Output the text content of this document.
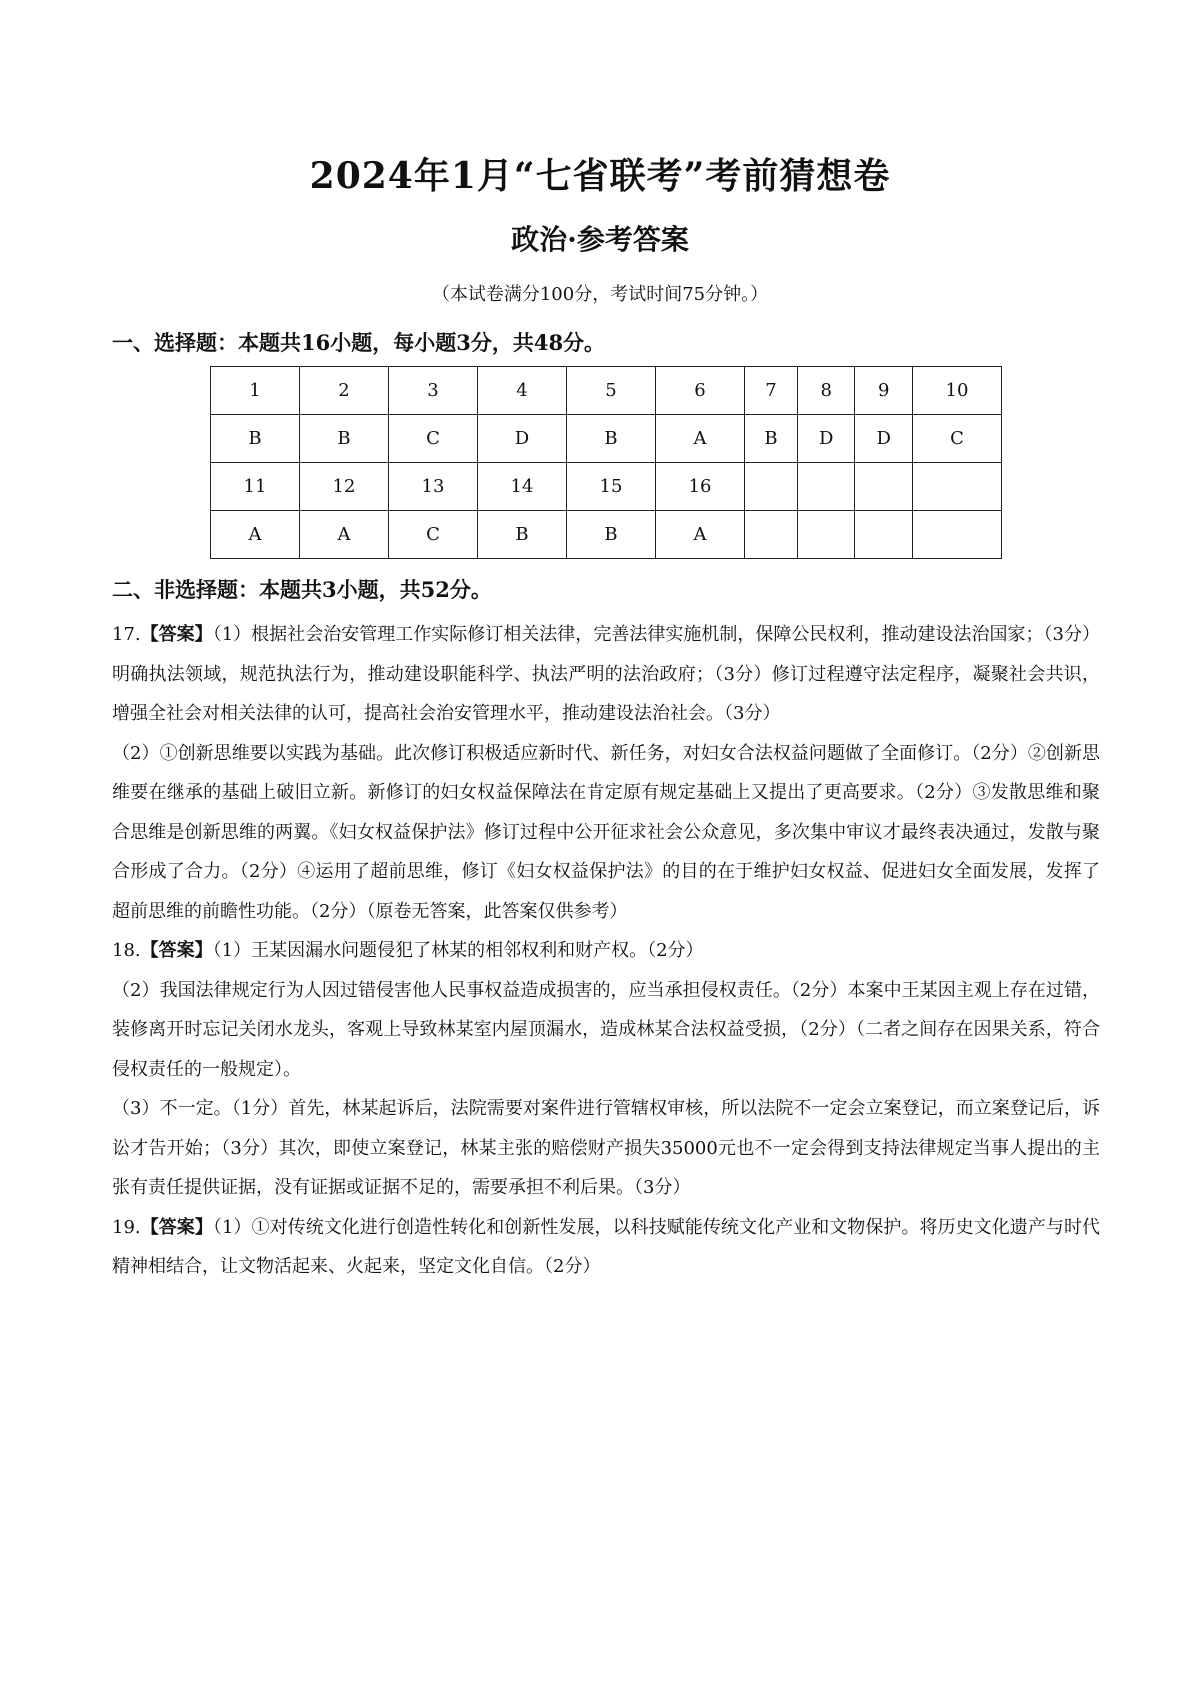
2024年1月“七省联考”考前猜想卷
政治·参考答案
（本试卷满分100分，考试时间75分钟。）
一、选择题：本题共16小题，每小题3分，共48分。
1	2	3	4	5	6	7	8	9	10
B	B	C	D	B	A	B	D	D	C
11	12	13	14	15	16				
A	A	C	B	B	A				
二、非选择题：本题共3小题，共52分。

17.【答案】（1）根据社会治安管理工作实际修订相关法律，完善法律实施机制，保障公民权利，推动建设法治国家；（3分）明确执法领域，规范执法行为，推动建设职能科学、执法严明的法治政府；（3分）修订过程遵守法定程序，凝聚社会共识，增强全社会对相关法律的认可，提高社会治安管理水平，推动建设法治社会。（3分）

（2）①创新思维要以实践为基础。此次修订积极适应新时代、新任务，对妇女合法权益问题做了全面修订。（2分）②创新思维要在继承的基础上破旧立新。新修订的妇女权益保障法在肯定原有规定基础上又提出了更高要求。（2分）③发散思维和聚合思维是创新思维的两翼。《妇女权益保护法》修订过程中公开征求社会公众意见，多次集中审议才最终表决通过，发散与聚合形成了合力。（2分）④运用了超前思维，修订《妇女权益保护法》的目的在于维护妇女权益、促进妇女全面发展，发挥了超前思维的前瞻性功能。（2分）（原卷无答案，此答案仅供参考）

18.【答案】（1）王某因漏水问题侵犯了林某的相邻权利和财产权。（2分）

（2）我国法律规定行为人因过错侵害他人民事权益造成损害的，应当承担侵权责任。（2分）本案中王某因主观上存在过错，装修离开时忘记关闭水龙头，客观上导致林某室内屋顶漏水，造成林某合法权益受损，（2分）（二者之间存在因果关系，符合侵权责任的一般规定）。

（3）不一定。（1分）首先，林某起诉后，法院需要对案件进行管辖权审核，所以法院不一定会立案登记，而立案登记后，诉讼才告开始；（3分）其次，即使立案登记，林某主张的赔偿财产损失35000元也不一定会得到支持法律规定当事人提出的主张有责任提供证据，没有证据或证据不足的，需要承担不利后果。（3分）

19.【答案】（1）①对传统文化进行创造性转化和创新性发展，以科技赋能传统文化产业和文物保护。将历史文化遗产与时代精神相结合，让文物活起来、火起来，坚定文化自信。（2分）
